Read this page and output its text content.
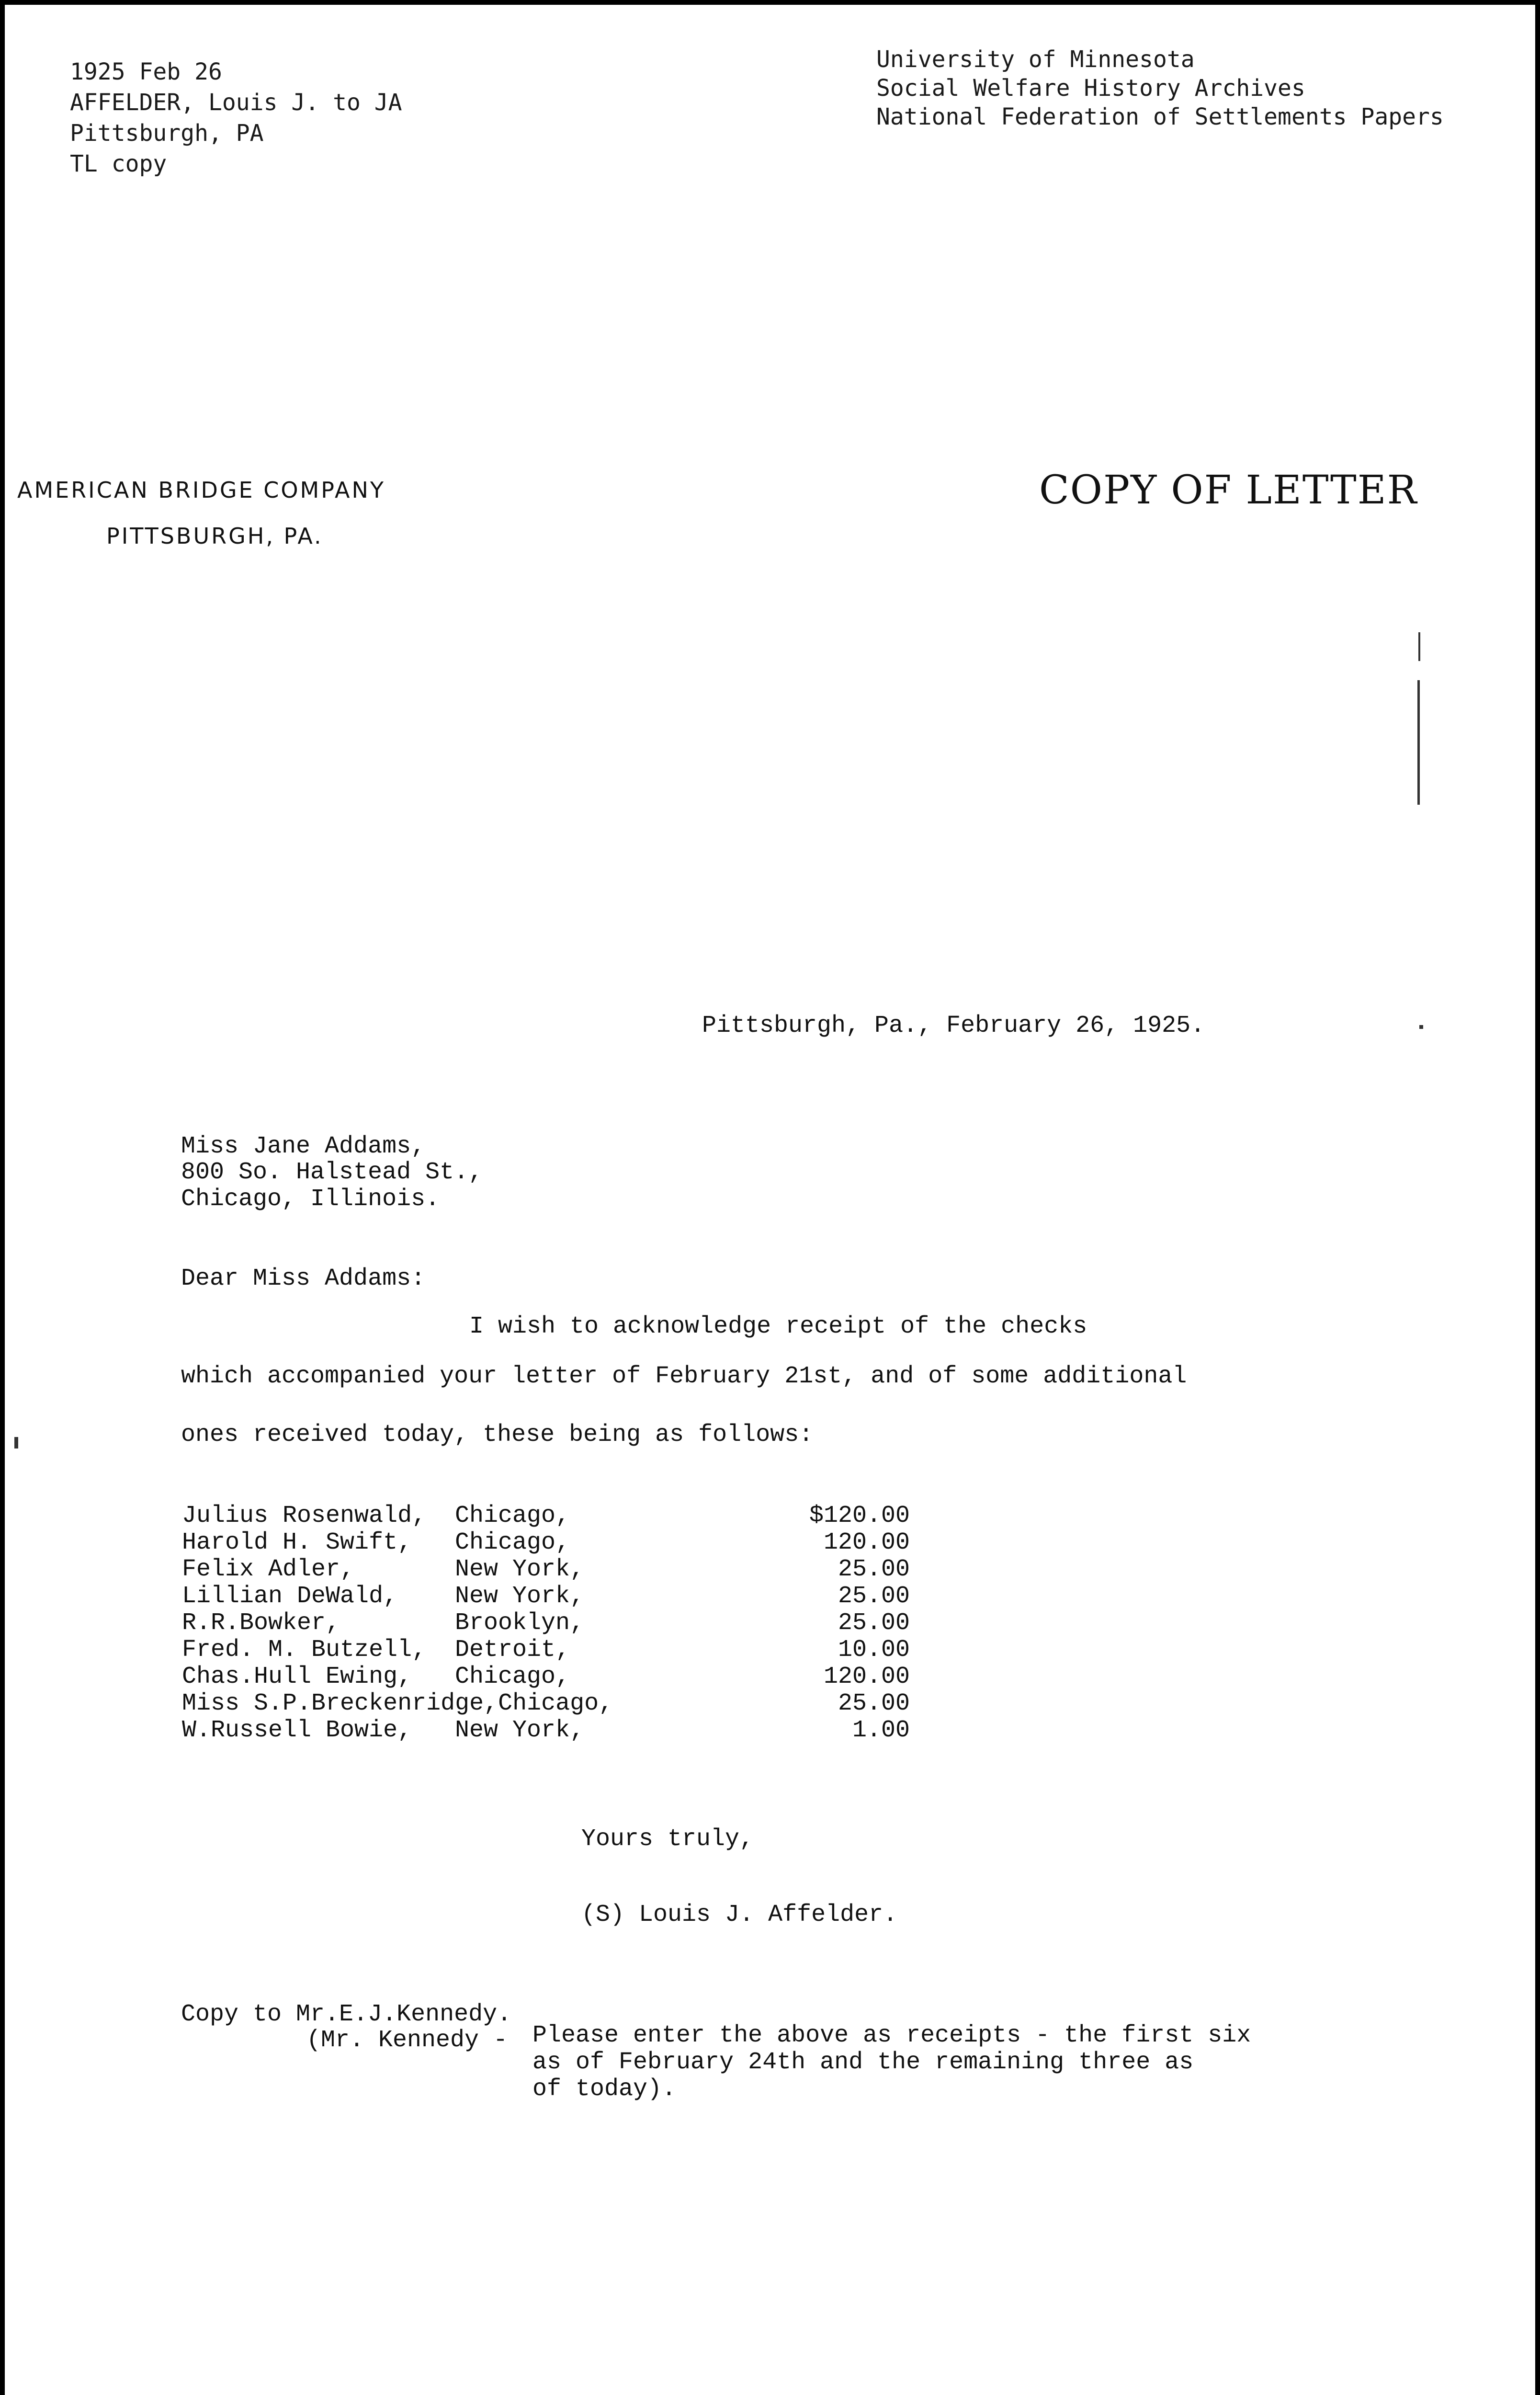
1925 Feb 26
AFFELDER, Louis J. to JA
Pittsburgh, PA
TL copy
University of Minnesota
Social Welfare History Archives
National Federation of Settlements Papers
AMERICAN BRIDGE COMPANY
PITTSBURGH, PA.
COPY OF LETTER
Pittsburgh, Pa., February 26, 1925.
Miss Jane Addams,
800 So. Halstead St.,
Chicago, Illinois.
Dear Miss Addams:
I wish to acknowledge receipt of the checks
which accompanied your letter of February 21st, and of some additional
ones received today, these being as follows:
Julius Rosenwald, Chicago,	$120.00
Harold H. Swift, Chicago,	120.00
Felix Adler,	New York,	25.00
Lillian DeWald, New York,	25.00
R.R.Bowker,	Brooklyn,	25.00
Fred. M. Butzell, Detroit,	10.00
Chas.Hull Ewing, Chicago,	120.00
Miss S.P.Breckenridge,Chicago,	25.00
W.Russell Bowie, New York,	1.00
Yours truly,
(S) Louis J. Affelder.
Copy to Mr.E.J.Kennedy.
(Mr. Kennedy - Please enter the above as receipts - the first six
as of February 24th and the remaining three as
of today).
